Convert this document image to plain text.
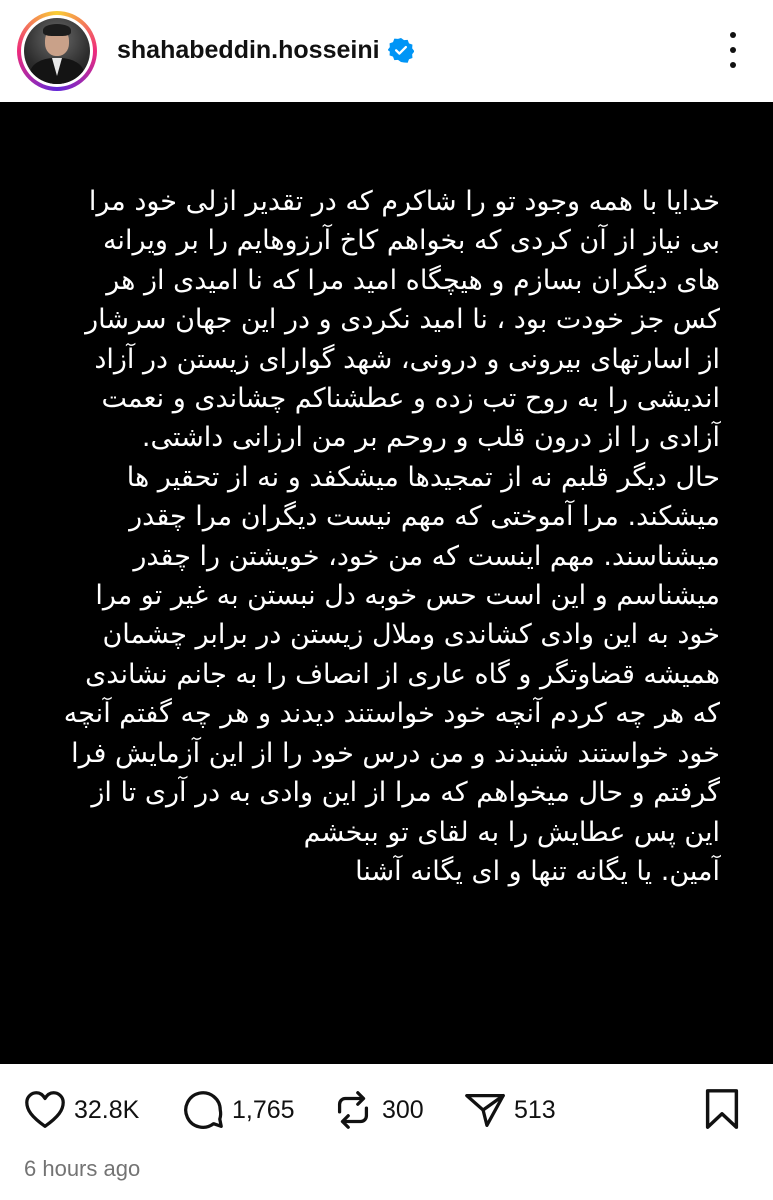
shahabeddin.hosseini
خدایا با همه وجود تو را شاکرم که در تقدیر ازلی خود مرا بی نیاز از آن کردی که بخواهم کاخ آرزوهایم را بر ویرانه های دیگران بسازم و هیچگاه امید مرا که نا امیدی از هر کس جز خودت بود ، نا امید نکردی و در این جهان سرشار از اسارتهای بیرونی و درونی، شهد گوارای زیستن در آزاد اندیشی را به روح تب زده و عطشناکم چشاندی و نعمت آزادی را از درون قلب و روحم بر من ارزانی داشتی.
حال دیگر قلبم نه از تمجیدها میشکفد و نه از تحقیر ها میشکند. مرا آموختی که مهم نیست دیگران مرا چقدر میشناسند. مهم اینست که من خود، خویشتن را چقدر میشناسم و این است حس خوبه دل نبستن به غیر تو مرا خود به این وادی کشاندی وملال زیستن در برابر چشمان همیشه قضاوتگر و گاه عاری از انصاف را به جانم نشاندی که هر چه کردم آنچه خود خواستند دیدند و هر چه گفتم آنچه خود خواستند شنیدند و من درس خود را از این آزمایش فرا گرفتم و حال میخواهم که مرا از این وادی به در آری تا از این پس عطایش را به لقای تو ببخشم
آمین. یا یگانه تنها و ای یگانه آشنا
32.8K	1,765	300	513
6 hours ago
